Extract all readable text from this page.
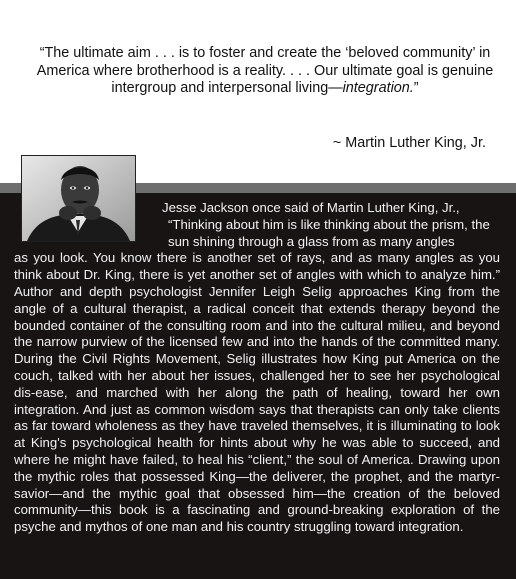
“The ultimate aim . . . is to foster and create the ‘beloved community’ in America where brotherhood is a reality. . . . Our ultimate goal is genuine intergroup and interpersonal living—integration.”
~ Martin Luther King, Jr.
Jesse Jackson once said of Martin Luther King, Jr.,
“Thinking about him is like thinking about the prism, the sun shining through a glass from as many angles
as you look. You know there is another set of rays, and as many angles as you think about Dr. King, there is yet another set of angles with which to analyze him.” Author and depth psychologist Jennifer Leigh Selig approaches King from the angle of a cultural therapist, a radical conceit that extends therapy beyond the bounded container of the consulting room and into the cultural milieu, and beyond the narrow purview of the licensed few and into the hands of the committed many. During the Civil Rights Movement, Selig illustrates how King put America on the couch, talked with her about her issues, challenged her to see her psychological dis-ease, and marched with her along the path of healing, toward her own integration. And just as common wisdom says that therapists can only take clients as far toward wholeness as they have traveled themselves, it is illuminating to look at King's psychological health for hints about why he was able to succeed, and where he might have failed, to heal his “client,” the soul of America. Drawing upon the mythic roles that possessed King—the deliverer, the prophet, and the martyr-savior—and the mythic goal that obsessed him—the creation of the beloved community—this book is a fascinating and ground-breaking exploration of the psyche and mythos of one man and his country struggling toward integration.
